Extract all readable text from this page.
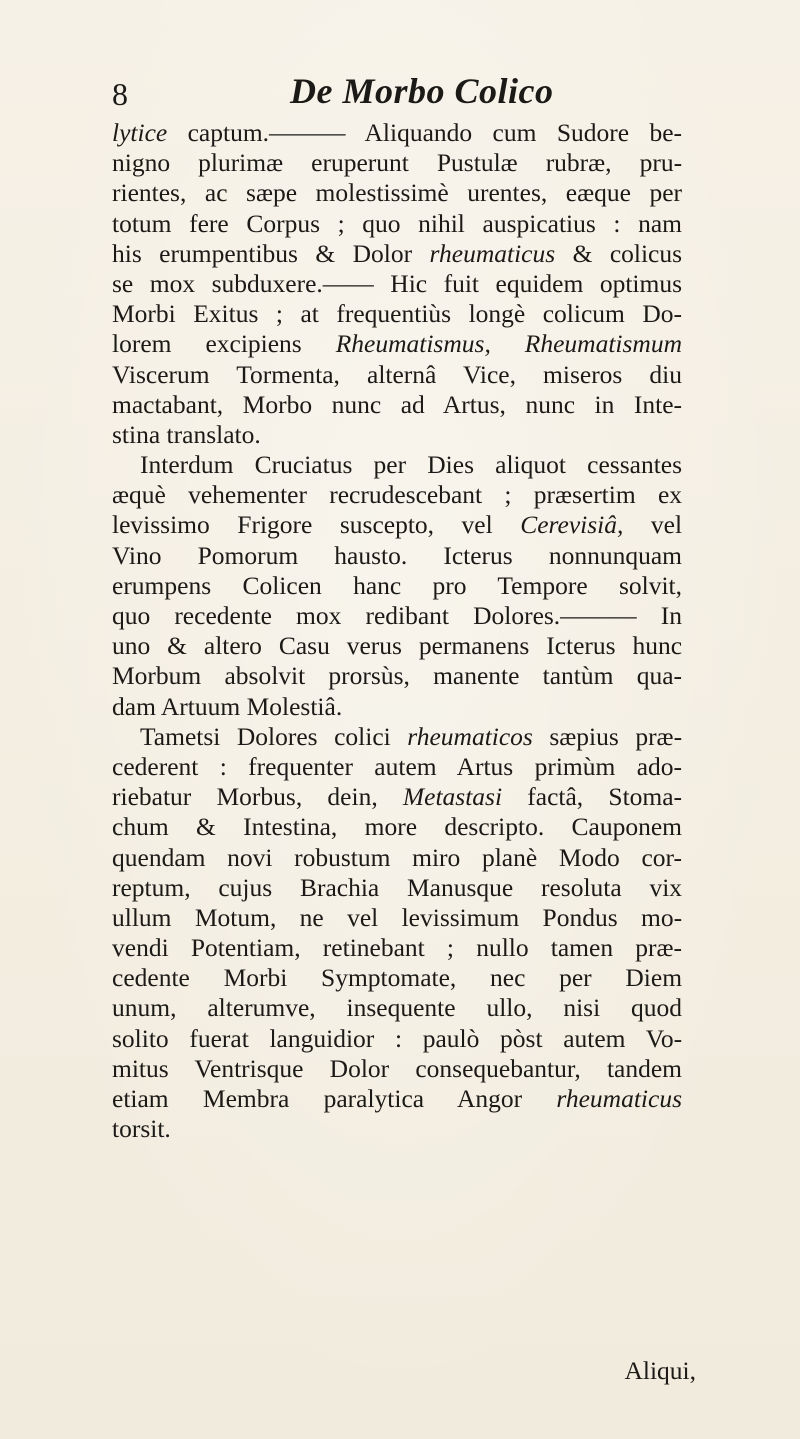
8	De Morbo Colico
lytice captum.——— Aliquando cum Sudore be-
nigno plurimæ eruperunt Pustulæ rubræ, pru-
rientes, ac sæpe molestissimè urentes, eæque per
totum fere Corpus ; quo nihil auspicatius : nam
his erumpentibus & Dolor rheumaticus & colicus
se mox subduxere.—— Hic fuit equidem optimus
Morbi Exitus ; at frequentiùs longè colicum Do-
lorem excipiens Rheumatismus, Rheumatismum
Viscerum Tormenta, alternâ Vice, miseros diu
mactabant, Morbo nunc ad Artus, nunc in Inte-
stina translato.
Interdum Cruciatus per Dies aliquot cessantes
æquè vehementer recrudescebant ; præsertim ex
levissimo Frigore suscepto, vel Cerevisiâ, vel
Vino Pomorum hausto. Icterus nonnunquam
erumpens Colicen hanc pro Tempore solvit,
quo recedente mox redibant Dolores.——— In
uno & altero Casu verus permanens Icterus hunc
Morbum absolvit prorsùs, manente tantùm qua-
dam Artuum Molestiâ.
Tametsi Dolores colici rheumaticos sæpius præ-
cederent : frequenter autem Artus primùm ado-
riebatur Morbus, dein, Metastasi factâ, Stoma-
chum & Intestina, more descripto. Cauponem
quendam novi robustum miro planè Modo cor-
reptum, cujus Brachia Manusque resoluta vix
ullum Motum, ne vel levissimum Pondus mo-
vendi Potentiam, retinebant ; nullo tamen præ-
cedente Morbi Symptomate, nec per Diem
unum, alterumve, insequente ullo, nisi quod
solito fuerat languidior : paulò pòst autem Vo-
mitus Ventrisque Dolor consequebantur, tandem
etiam Membra paralytica Angor rheumaticus
torsit.
Aliqui,
